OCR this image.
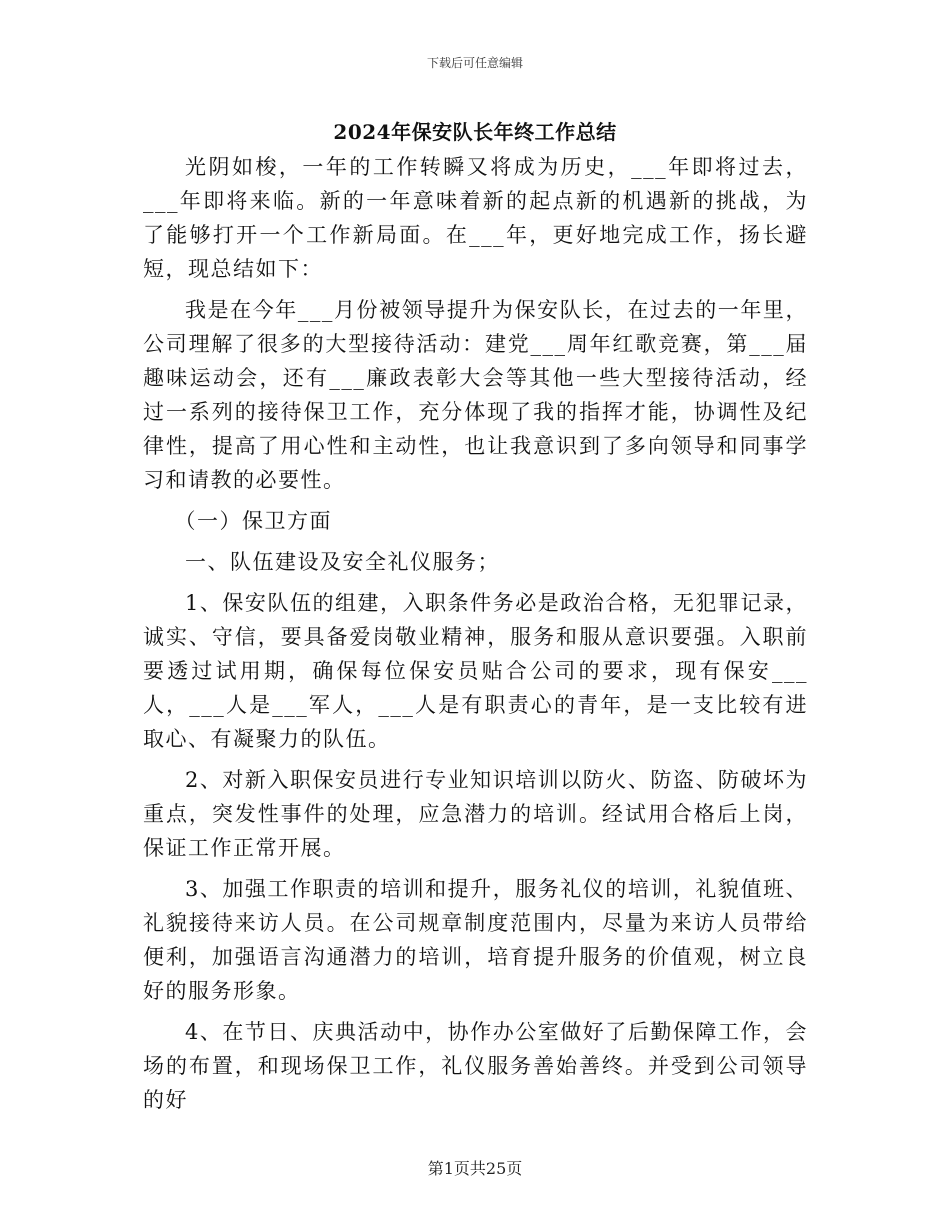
下载后可任意编辑
2024年保安队长年终工作总结

光阴如梭，一年的工作转瞬又将成为历史，___年即将过去，___年即将来临。新的一年意味着新的起点新的机遇新的挑战，为了能够打开一个工作新局面。在___年，更好地完成工作，扬长避短，现总结如下：

我是在今年___月份被领导提升为保安队长，在过去的一年里，公司理解了很多的大型接待活动：建党___周年红歌竞赛，第___届趣味运动会，还有___廉政表彰大会等其他一些大型接待活动，经过一系列的接待保卫工作，充分体现了我的指挥才能，协调性及纪律性，提高了用心性和主动性，也让我意识到了多向领导和同事学习和请教的必要性。

（一）保卫方面

一、队伍建设及安全礼仪服务；

1、保安队伍的组建，入职条件务必是政治合格，无犯罪记录，诚实、守信，要具备爱岗敬业精神，服务和服从意识要强。入职前要透过试用期，确保每位保安员贴合公司的要求，现有保安___人，___人是___军人，___人是有职责心的青年，是一支比较有进取心、有凝聚力的队伍。

2、对新入职保安员进行专业知识培训以防火、防盗、防破坏为重点，突发性事件的处理，应急潜力的培训。经试用合格后上岗，保证工作正常开展。

3、加强工作职责的培训和提升，服务礼仪的培训，礼貌值班、礼貌接待来访人员。在公司规章制度范围内，尽量为来访人员带给便利，加强语言沟通潜力的培训，培育提升服务的价值观，树立良好的服务形象。

4、在节日、庆典活动中，协作办公室做好了后勤保障工作，会场的布置，和现场保卫工作，礼仪服务善始善终。并受到公司领导的好

第1页共25页
